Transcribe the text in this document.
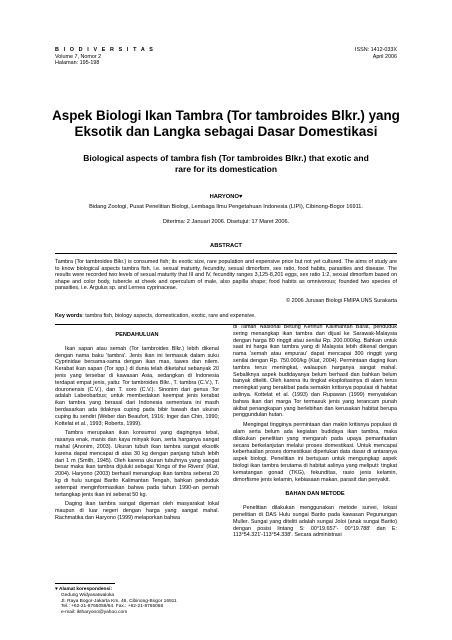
B I O D I V E R S I T A S
Volume 7, Nomor 2
Halaman: 195-198
ISSN: 1412-033X
April 2006
Aspek Biologi Ikan Tambra (Tor tambroides Blkr.) yang Eksotik dan Langka sebagai Dasar Domestikasi
Biological aspects of tambra fish (Tor tambroides Blkr.) that exotic and rare for its domestication
HARYONO♥
Bidang Zoologi, Pusat Penelitian Biologi, Lembaga Ilmu Pengetahuan Indonesia (LIPI), Cibinong-Bogor 16911.
Diterima: 2 Januari 2006. Disetujui: 17 Maret 2006.
ABSTRACT
Tambra (Tor tambroides Blkr.) is consumed fish; its exotic size, rare population and expensive price but not yet cultured. The aims of study are to know biological aspects tambra fish, i.e. sexual maturity, fecundity, sexual dimorfism, sex ratio, food habits, parasities and disease. The results were recorded two levels of sexual maturity that III and IV, fecundity ranges 3,125-8,201 eggs, sex ratio 1:2, sexual dimorfism based on shape and color body, tubercle at cheek and operculum of male, also papilla shape; food habits as omnivorous; founded two species of parasities, i.e. Argulus sp. and Lernea cyprinaceae.
© 2006 Jurusan Biologi FMIPA UNS Surakarta
Key words: tambra fish, biology aspects, domestication, exotic, rare and expensive.
PENDAHULUAN

Ikan sapan atau semah (Tor tambroides Blkr.) lebih dikenal dengan nama baku 'tambra'. Jenis ikan ini termasuk dalam suku Cyprinidae bersama-sama dengan ikan mas, tawes dan nilem. Kerabat ikan sapan (Tor spp.) di dunia telah diketahui sebanyak 20 jenis yang tersebar di kawasan Asia, sedangkan di Indonesia terdapat empat jenis, yaitu: Tor tambroides Blkr., T. tambra (C.V.), T. douronensis (C.V.), dan T. soro (C.V.). Sinonim dari genus Tor adalah Labeobarbus; untuk membedakan keempat jenis kerabat ikan tambra yang berasal dari Indonesia sementara ini masih berdasarkan ada tidaknya cuping pada bibir bawah dan ukuran cuping itu sendiri (Weber dan Beaufort, 1916; Inger dan Chin, 1990; Kottelat et al., 1993; Roberts, 1999).

Tambra merupakan ikan konsumsi yang dagingnya tebal, rasanya enak, manis dan kaya minyak ikan, serta harganya sangat mahal (Anonim, 2003). Ukuran tubuh ikan tambra sangat eksotik karena dapat mencapai di atas 30 kg dengan panjang tubuh lebih dari 1 m (Smith, 1945). Oleh karena ukuran tubuhnya yang sangat besar maka ikan tambra dijuluki sebagai 'Kings of the Rivers' (Kiat, 2004). Haryono (2003) berhasil menangkap ikan tambra seberat 20 kg di hulu sungai Barito Kalimantan Tengah, bahkan penduduk setempat menginformasikan bahwa pada tahun 1990-an pernah tertangkap jenis ikan ini seberat 50 kg.

Daging ikan tambra sangat digemari oleh masyarakat lokal maupun di luar negeri dengan harga yang sangat mahal. Rachmatika dan Haryono (1999) melaporkan bahwa

di Taman Nasional Betung Kerihun Kalimantan Barat, penduduk sering menangkap ikan tambra dan dijual ke Sarawak-Malaysia dengan harga 80 ringgit atau senilai Rp. 200.000/kg. Bahkan untuk saat ini harga ikan tambra yang di Malaysia lebih dikenal dengan nama 'semah atau empurau' dapat mencapai 300 ringgit yang senilai dengan Rp. 750.000/kg (Kiat, 2004). Permintaan daging ikan tambra terus meningkat, walaupun harganya sangat mahal. Sebaliknya aspek budidayanya belum berhasil dan bahkan belum banyak diteliti. Oleh karena itu tingkat eksploitasinya di alam terus meningkat yang berakibat pada semakin kritisnya populasi di habitat aslinya. Kottelat et al. (1993) dan Rupawan (1999) menyatakan bahwa ikan dari marga Tor termasuk jenis yang terancam punah akibat penangkapan yang berlebihan dan kerusakan habitat berupa penggundulan hutan.

Mengingat tingginya permintaan dan makin kritisnya populasi di alam serta belum ada kegiatan budidaya ikan tambra, maka dilakukan penelitian yang mengarah pada upaya pemanfaatan secara berkelanjutan melalui proses domestikasi. Untuk mencapai keberhasilan proses domestikasi diperlukan data dasar di antaranya aspek biologi. Penelitian ini bertujuan untuk mengungkap aspek biologi ikan tambra terutama di habitat aslinya yang meliputi: tingkat kematangan gonad (TKG), fekunditas, rasio jenis kelamin, dimorfisme jenis kelamin, kebiasaan makan, parasit dan penyakit.

BAHAN DAN METODE

Penelitian dilakukan menggunakan metode survei, lokasi penelitian di DAS Hulu sungai Barito pada kawasan Pegunungan Muller. Sungai yang diteliti adalah sungai Joloi (anak sungai Barito) dengan posisi lintang S: 00°19.657'- 00°19.788' dan E: 113°54.321'-113°54.338'. Secara administrasi

♥ Alamat korespondensi:
Gedung Widyasatwaloka
Jl. Raya Bogor-Jakarta Km. 46, Cibinong-Bogor 16911
Tel.: +62-21-8765056/64. Fax.: +62-21-8765068
e-mail: iktharyono@yahoo.com
